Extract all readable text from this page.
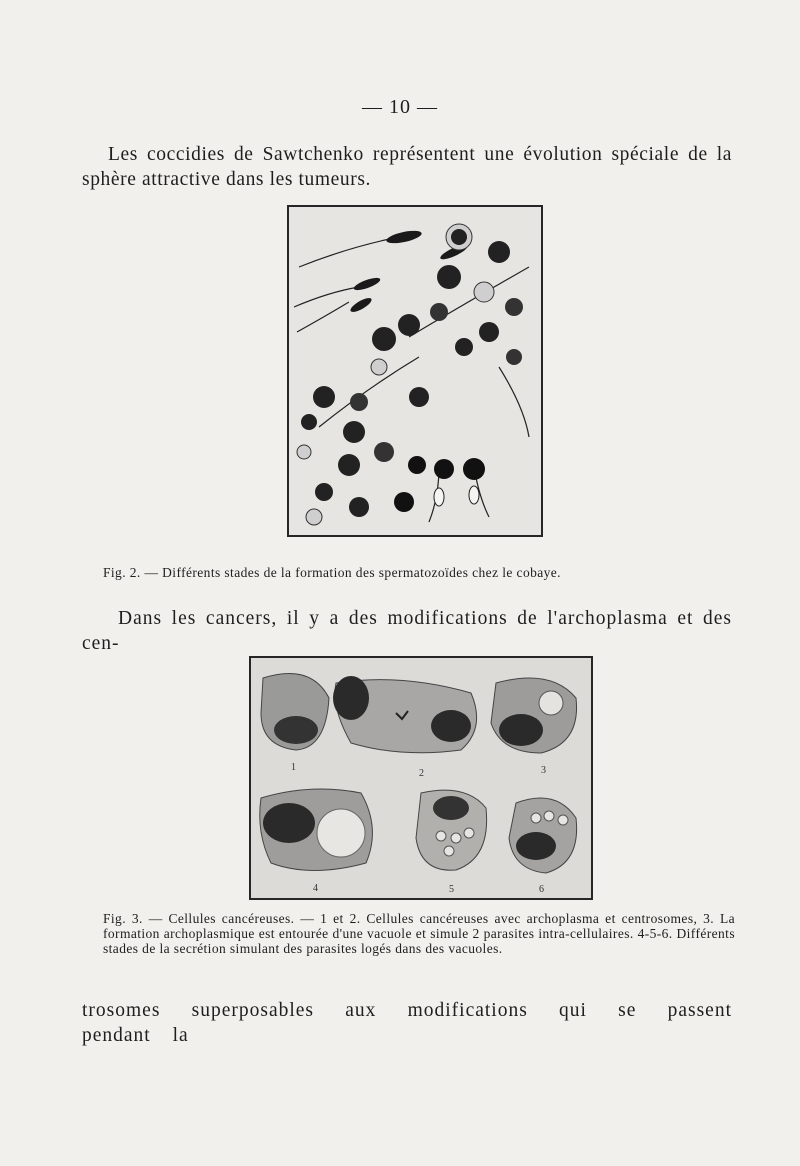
— 10 —

Les coccidies de Sawtchenko représentent une évolution spéciale de la sphère attractive dans les tumeurs.

Fig. 2. — Différents stades de la formation des spermatozoïdes chez le cobaye.

Dans les cancers, il y a des modifications de l'archoplasma et des cen-

1
2	3
4	5	6
Fig. 3. — Cellules cancéreuses. — 1 et 2. Cellules cancéreuses avec archoplasma et centrosomes, 3. La formation archoplasmique est entourée d'une vacuole et simule 2 parasites intra-cellulaires. 4-5-6. Différents stades de la secrétion simulant des parasites logés dans des vacuoles.

trosomes superposables aux modifications qui se passent pendant la
